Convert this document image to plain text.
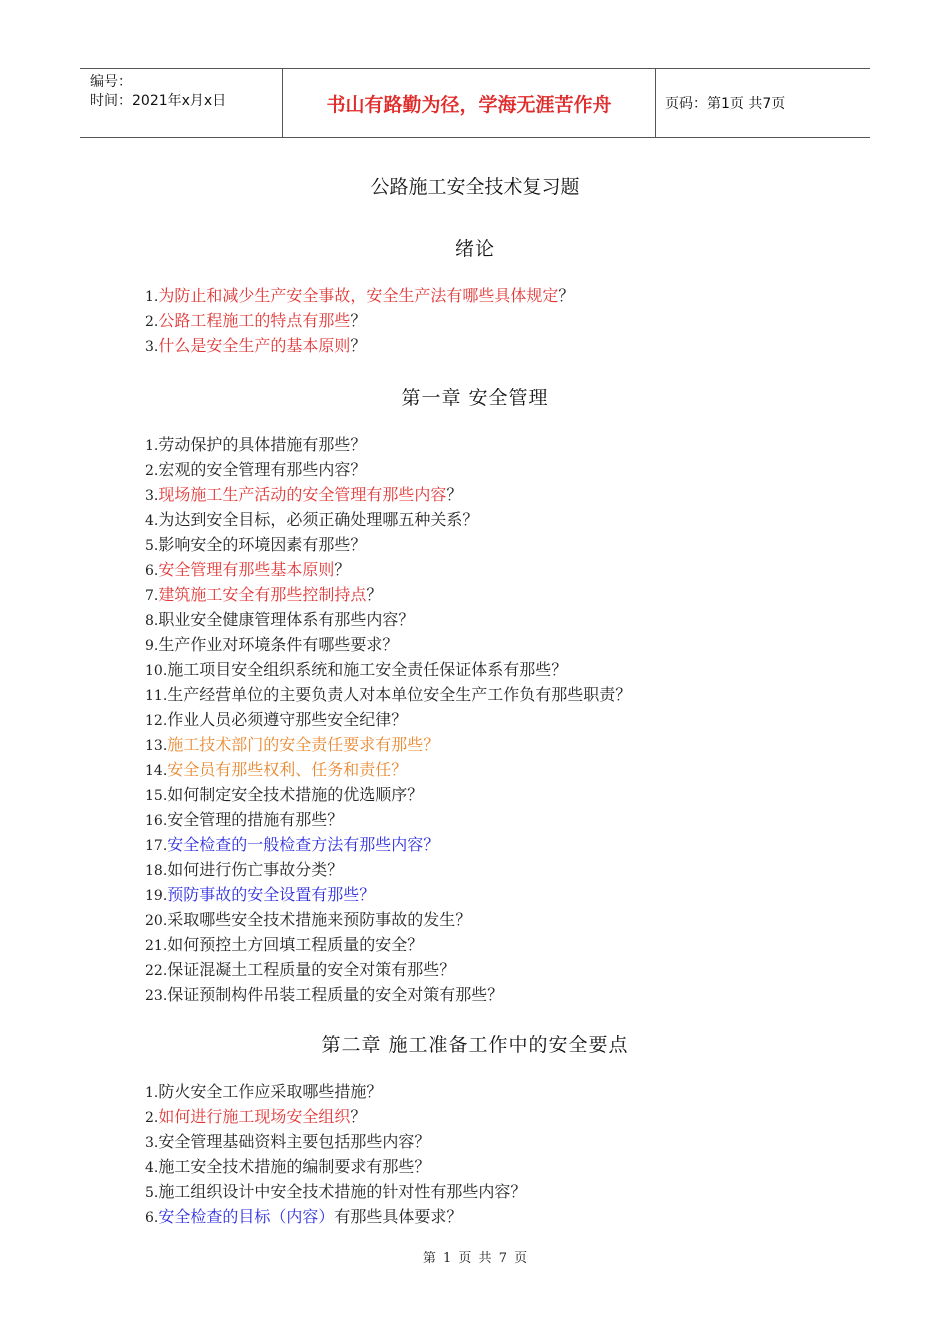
编号：
时间：2021年x月x日	书山有路勤为径，学海无涯苦作舟	页码：第1页 共7页
公路施工安全技术复习题
绪论
1.为防止和减少生产安全事故，安全生产法有哪些具体规定？
2.公路工程施工的特点有那些？
3.什么是安全生产的基本原则？
第一章 安全管理
1.劳动保护的具体措施有那些？
2.宏观的安全管理有那些内容？
3.现场施工生产活动的安全管理有那些内容？
4.为达到安全目标，必须正确处理哪五种关系？
5.影响安全的环境因素有那些？
6.安全管理有那些基本原则？
7.建筑施工安全有那些控制持点？
8.职业安全健康管理体系有那些内容？
9.生产作业对环境条件有哪些要求？
10.施工项目安全组织系统和施工安全责任保证体系有那些？
11.生产经营单位的主要负责人对本单位安全生产工作负有那些职责？
12.作业人员必须遵守那些安全纪律？
13.施工技术部门的安全责任要求有那些？
14.安全员有那些权利、任务和责任？
15.如何制定安全技术措施的优选顺序？
16.安全管理的措施有那些？
17.安全检查的一般检查方法有那些内容？
18.如何进行伤亡事故分类？
19.预防事故的安全设置有那些？
20.采取哪些安全技术措施来预防事故的发生？
21.如何预控土方回填工程质量的安全？
22.保证混凝土工程质量的安全对策有那些？
23.保证预制构件吊装工程质量的安全对策有那些？
第二章 施工准备工作中的安全要点
1.防火安全工作应采取哪些措施？
2.如何进行施工现场安全组织？
3.安全管理基础资料主要包括那些内容？
4.施工安全技术措施的编制要求有那些？
5.施工组织设计中安全技术措施的针对性有那些内容？
6.安全检查的目标（内容）有那些具体要求？
第 1 页 共 7 页
